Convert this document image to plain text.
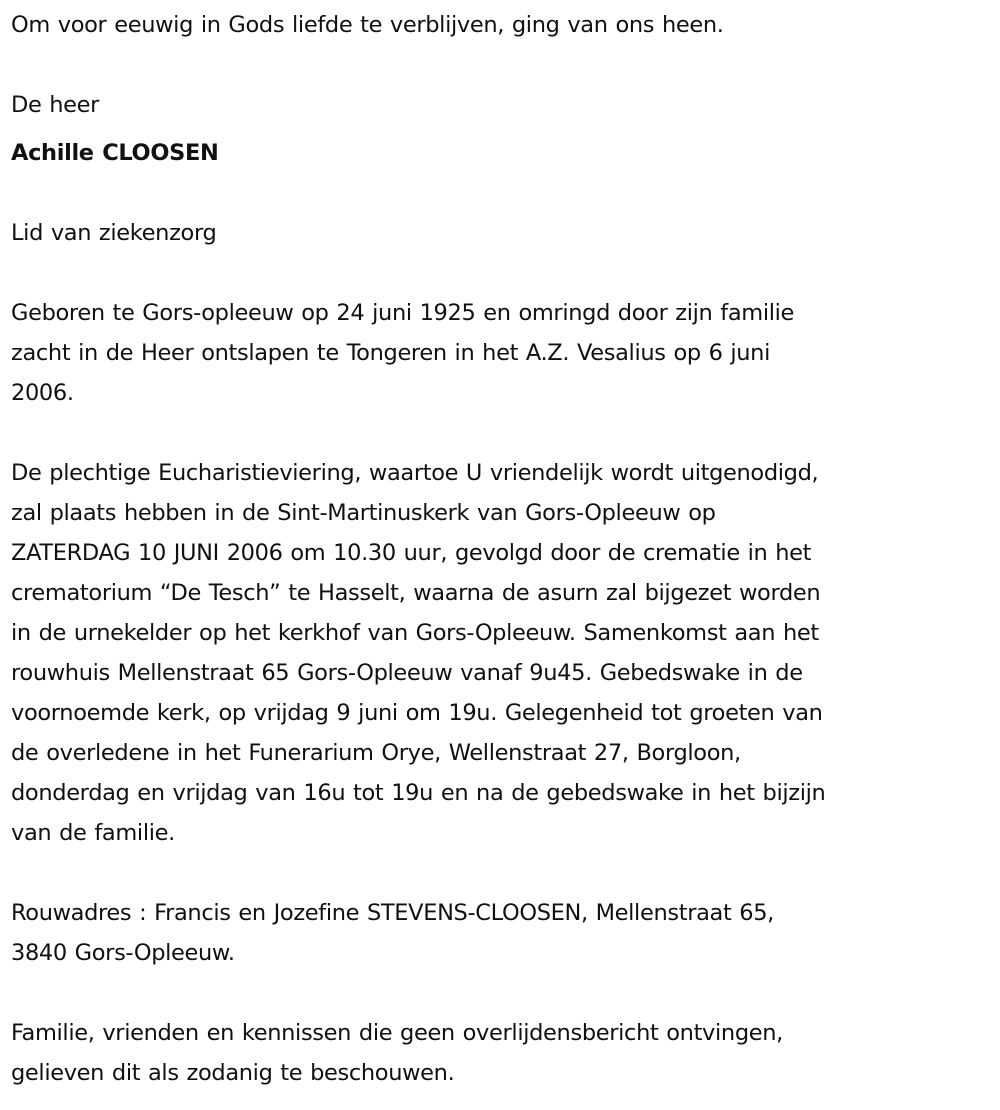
Om voor eeuwig in Gods liefde te verblijven, ging van ons heen.

De heer

Achille CLOOSEN

Lid van ziekenzorg

Geboren te Gors-opleeuw op 24 juni 1925 en omringd door zijn familie

zacht in de Heer ontslapen te Tongeren in het A.Z. Vesalius op 6 juni

2006.

De plechtige Eucharistieviering, waartoe U vriendelijk wordt uitgenodigd,

zal plaats hebben in de Sint-Martinuskerk van Gors-Opleeuw op

ZATERDAG 10 JUNI 2006 om 10.30 uur, gevolgd door de crematie in het

crematorium “De Tesch” te Hasselt, waarna de asurn zal bijgezet worden

in de urnekelder op het kerkhof van Gors-Opleeuw. Samenkomst aan het

rouwhuis Mellenstraat 65 Gors-Opleeuw vanaf 9u45. Gebedswake in de

voornoemde kerk, op vrijdag 9 juni om 19u. Gelegenheid tot groeten van

de overledene in het Funerarium Orye, Wellenstraat 27, Borgloon,

donderdag en vrijdag van 16u tot 19u en na de gebedswake in het bijzijn

van de familie.

Rouwadres : Francis en Jozefine STEVENS-CLOOSEN, Mellenstraat 65,

3840 Gors-Opleeuw.

Familie, vrienden en kennissen die geen overlijdensbericht ontvingen,

gelieven dit als zodanig te beschouwen.
